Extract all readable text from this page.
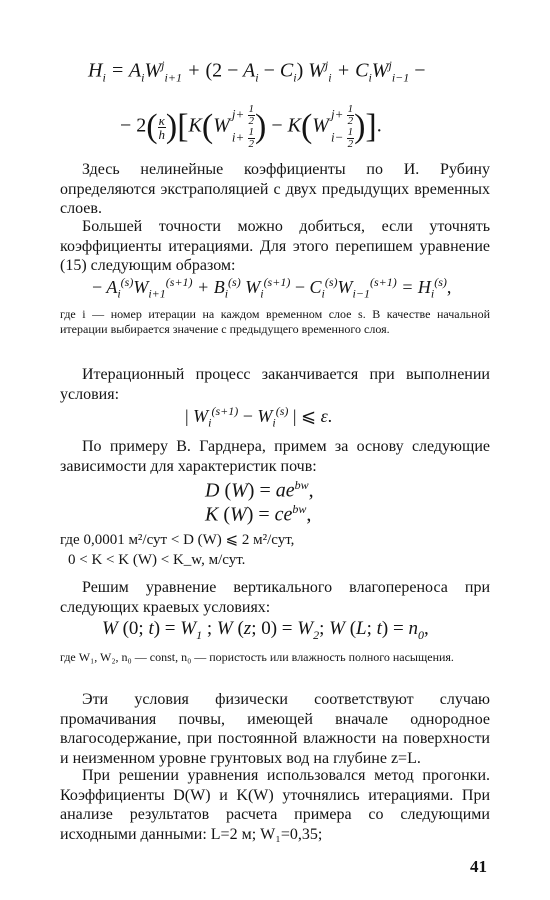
$H_i = A_iW^j_{i+1} + (2 - A_i - C_i) W^j_i + C_iW^j_{i-1}$ −
− $2( \frac{\kappa}{h} )[K(W$
$j+ \frac{1}{2}$
$i+ \frac{1}{2}$ ) − K(W
$j+ \frac{1}{2}$
$i- \frac{1}{2}$ )].
Здесь нелинейные коэффициенты по И. Рубину определяются экстраполяцией с двух предыдущих временных слоев.
Большей точности можно добиться, если уточнять коэффициенты итерациями. Для этого перепишем уравнение (15) следующим образом:
− $A_i^{(s)}W_{i+1}^{(s+1)} + B_i^{(s)}$ $W_i^{(s+1)} - C_i^{(s)}W_{i-1}^{(s+1)} = H_i^{(s)}$,
где i — номер итерации на каждом временном слое s. В качестве начальной итерации выбирается значение с предыдущего временного слоя.
Итерационный процесс заканчивается при выполнении условия:
| $W_i^{(s+1)} - W_i^{(s)}$ | ⩽ ε.
По примеру В. Гарднера, примем за основу следующие зависимости для характеристик почв:
D $(W) = ae^{bw}$,
K $(W) = ce^{bw}$,
где 0,0001 м²/сут < D (W) ⩽ 2 м²/сут,
0 < K < K (W) < K_w, м/сут.
Решим уравнение вертикального влагопереноса при следующих краевых условиях:
W (0; $t) = W_1$ ; W (z; $0) = W_2$; W (L; $t) = n_0$,
где W₁, W₂, n₀ — const, n₀ — пористость или влажность полного насыщения.
Эти условия физически соответствуют случаю промачивания почвы, имеющей вначале однородное влагосодержание, при постоянной влажности на поверхности и неизменном уровне грунтовых вод на глубине z=L.
При решении уравнения использовался метод прогонки. Коэффициенты D(W) и K(W) уточнялись итерациями. При анализе результатов расчета примера со следующими исходными данными: L=2 м; W₁=0,35;
41
